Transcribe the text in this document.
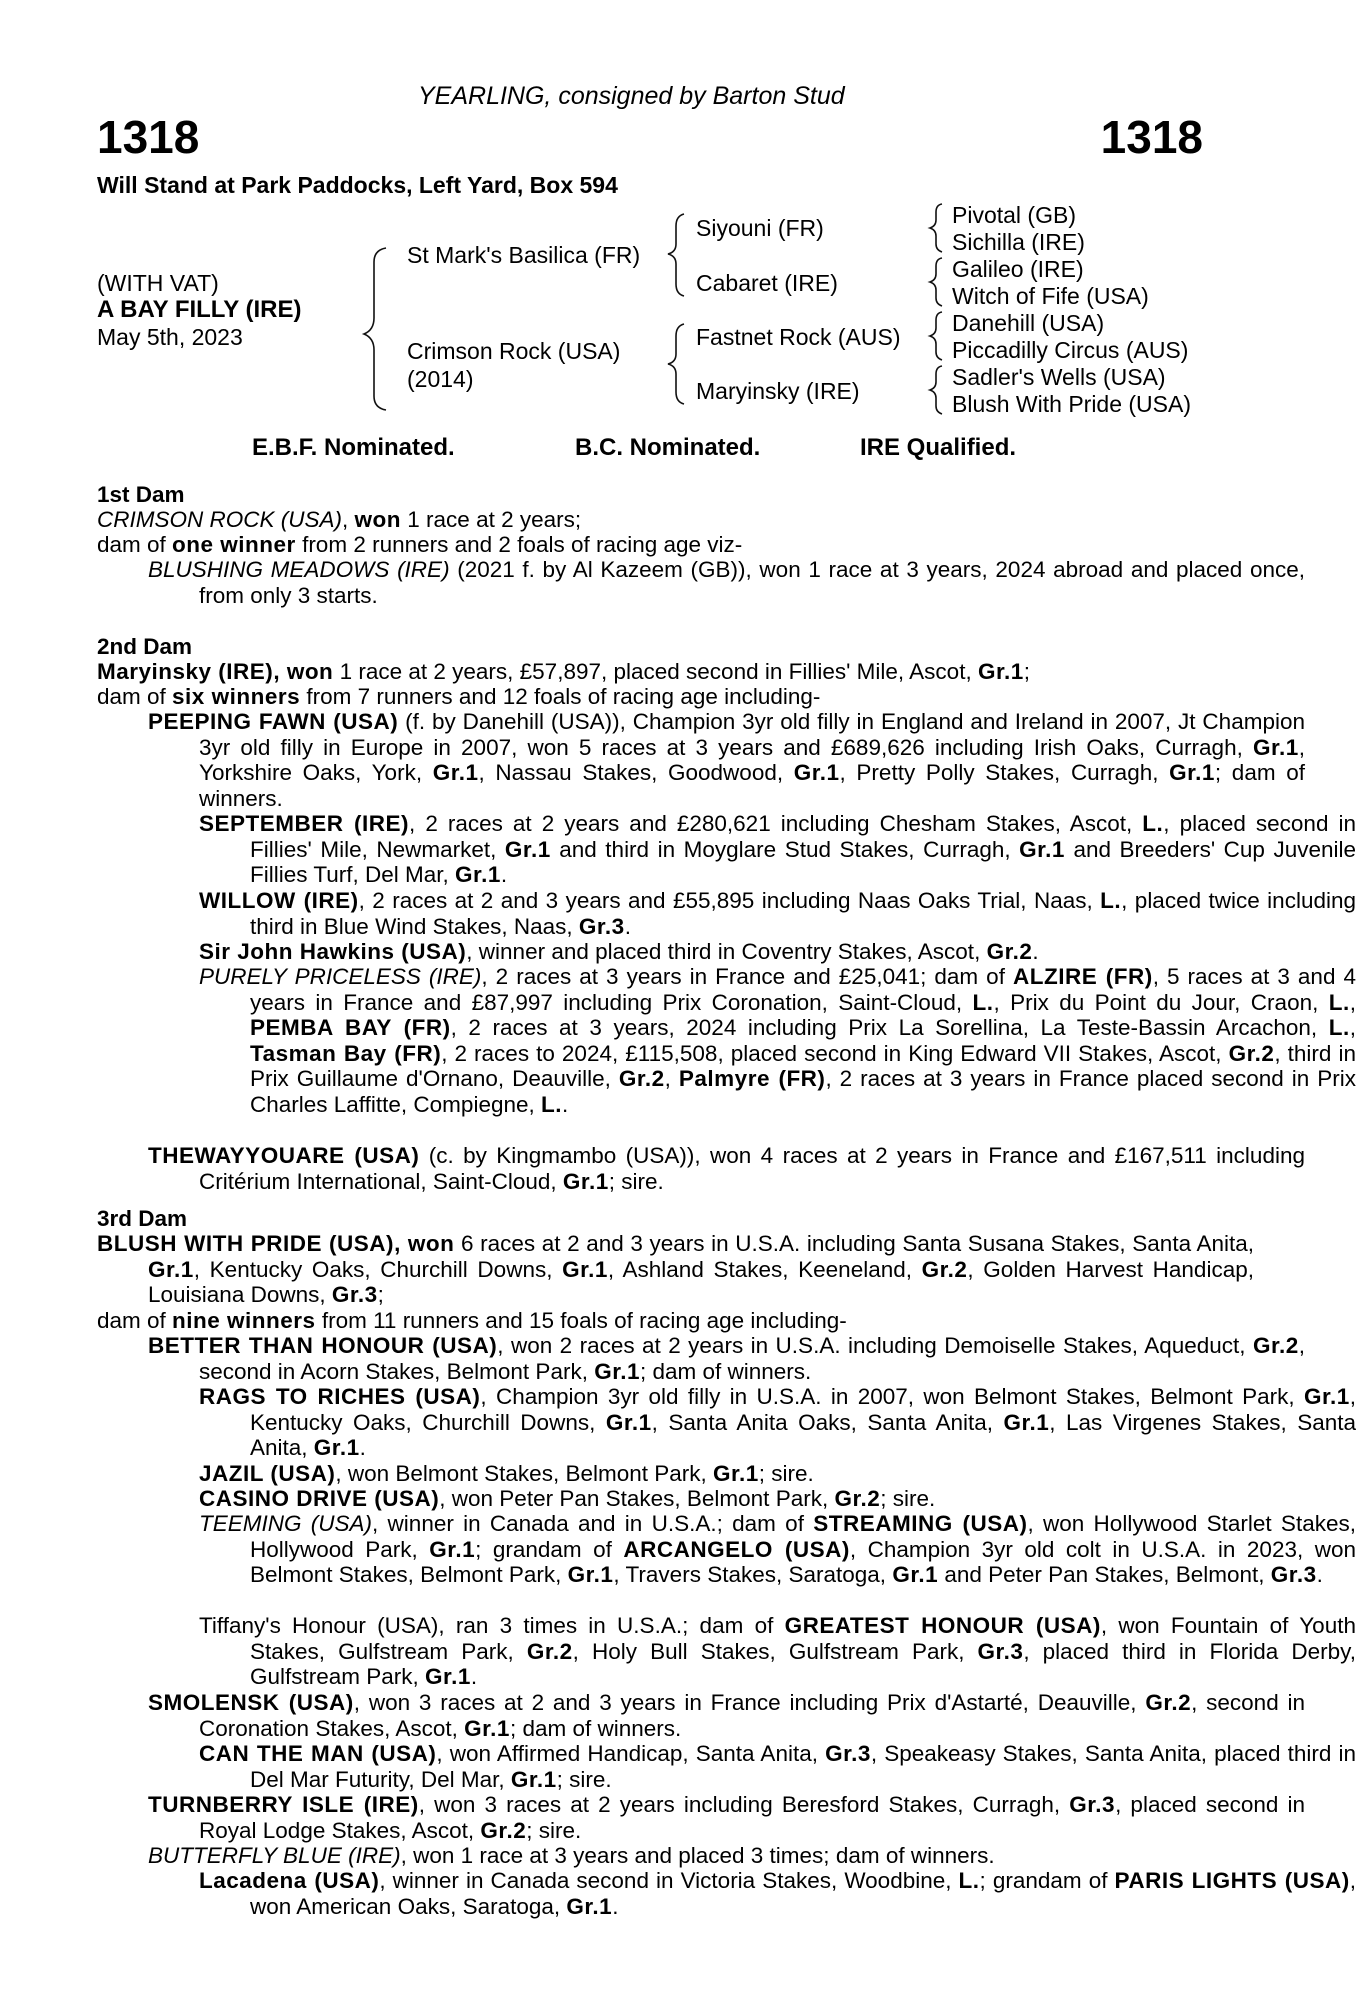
YEARLING, consigned by Barton Stud
1318	1318
Will Stand at Park Paddocks, Left Yard, Box 594
(WITH VAT)
A BAY FILLY (IRE)
May 5th, 2023
St Mark's Basilica (FR)
Crimson Rock (USA)
(2014)
Siyouni (FR)
Cabaret (IRE)
Fastnet Rock (AUS)
Maryinsky (IRE)
Pivotal (GB)
Sichilla (IRE)
Galileo (IRE)
Witch of Fife (USA)
Danehill (USA)
Piccadilly Circus (AUS)
Sadler's Wells (USA)
Blush With Pride (USA)
E.B.F. Nominated.	B.C. Nominated.	IRE Qualified.
1st Dam
CRIMSON ROCK (USA), won 1 race at 2 years;
dam of one winner from 2 runners and 2 foals of racing age viz-
BLUSHING MEADOWS (IRE) (2021 f. by Al Kazeem (GB)), won 1 race at 3 years, 2024 abroad and placed once, from only 3 starts.
2nd Dam
Maryinsky (IRE), won 1 race at 2 years, £57,897, placed second in Fillies' Mile, Ascot, Gr.1;
dam of six winners from 7 runners and 12 foals of racing age including-
PEEPING FAWN (USA) (f. by Danehill (USA)), Champion 3yr old filly in England and Ireland in 2007, Jt Champion 3yr old filly in Europe in 2007, won 5 races at 3 years and £689,626 including Irish Oaks, Curragh, Gr.1, Yorkshire Oaks, York, Gr.1, Nassau Stakes, Goodwood, Gr.1, Pretty Polly Stakes, Curragh, Gr.1; dam of winners.
SEPTEMBER (IRE), 2 races at 2 years and £280,621 including Chesham Stakes, Ascot, L., placed second in Fillies' Mile, Newmarket, Gr.1 and third in Moyglare Stud Stakes, Curragh, Gr.1 and Breeders' Cup Juvenile Fillies Turf, Del Mar, Gr.1.
WILLOW (IRE), 2 races at 2 and 3 years and £55,895 including Naas Oaks Trial, Naas, L., placed twice including third in Blue Wind Stakes, Naas, Gr.3.
Sir John Hawkins (USA), winner and placed third in Coventry Stakes, Ascot, Gr.2.
PURELY PRICELESS (IRE), 2 races at 3 years in France and £25,041; dam of ALZIRE (FR), 5 races at 3 and 4 years in France and £87,997 including Prix Coronation, Saint-Cloud, L., Prix du Point du Jour, Craon, L., PEMBA BAY (FR), 2 races at 3 years, 2024 including Prix La Sorellina, La Teste-Bassin Arcachon, L., Tasman Bay (FR), 2 races to 2024, £115,508, placed second in King Edward VII Stakes, Ascot, Gr.2, third in Prix Guillaume d'Ornano, Deauville, Gr.2, Palmyre (FR), 2 races at 3 years in France placed second in Prix Charles Laffitte, Compiegne, L..
THEWAYYOUARE (USA) (c. by Kingmambo (USA)), won 4 races at 2 years in France and £167,511 including Critérium International, Saint-Cloud, Gr.1; sire.
3rd Dam
BLUSH WITH PRIDE (USA), won 6 races at 2 and 3 years in U.S.A. including Santa Susana Stakes, Santa Anita, Gr.1, Kentucky Oaks, Churchill Downs, Gr.1, Ashland Stakes, Keeneland, Gr.2, Golden Harvest Handicap, Louisiana Downs, Gr.3;
dam of nine winners from 11 runners and 15 foals of racing age including-
BETTER THAN HONOUR (USA), won 2 races at 2 years in U.S.A. including Demoiselle Stakes, Aqueduct, Gr.2, second in Acorn Stakes, Belmont Park, Gr.1; dam of winners.
RAGS TO RICHES (USA), Champion 3yr old filly in U.S.A. in 2007, won Belmont Stakes, Belmont Park, Gr.1, Kentucky Oaks, Churchill Downs, Gr.1, Santa Anita Oaks, Santa Anita, Gr.1, Las Virgenes Stakes, Santa Anita, Gr.1.
JAZIL (USA), won Belmont Stakes, Belmont Park, Gr.1; sire.
CASINO DRIVE (USA), won Peter Pan Stakes, Belmont Park, Gr.2; sire.
TEEMING (USA), winner in Canada and in U.S.A.; dam of STREAMING (USA), won Hollywood Starlet Stakes, Hollywood Park, Gr.1; grandam of ARCANGELO (USA), Champion 3yr old colt in U.S.A. in 2023, won Belmont Stakes, Belmont Park, Gr.1, Travers Stakes, Saratoga, Gr.1 and Peter Pan Stakes, Belmont, Gr.3.
Tiffany's Honour (USA), ran 3 times in U.S.A.; dam of GREATEST HONOUR (USA), won Fountain of Youth Stakes, Gulfstream Park, Gr.2, Holy Bull Stakes, Gulfstream Park, Gr.3, placed third in Florida Derby, Gulfstream Park, Gr.1.
SMOLENSK (USA), won 3 races at 2 and 3 years in France including Prix d'Astarté, Deauville, Gr.2, second in Coronation Stakes, Ascot, Gr.1; dam of winners.
CAN THE MAN (USA), won Affirmed Handicap, Santa Anita, Gr.3, Speakeasy Stakes, Santa Anita, placed third in Del Mar Futurity, Del Mar, Gr.1; sire.
TURNBERRY ISLE (IRE), won 3 races at 2 years including Beresford Stakes, Curragh, Gr.3, placed second in Royal Lodge Stakes, Ascot, Gr.2; sire.
BUTTERFLY BLUE (IRE), won 1 race at 3 years and placed 3 times; dam of winners.
Lacadena (USA), winner in Canada second in Victoria Stakes, Woodbine, L.; grandam of PARIS LIGHTS (USA), won American Oaks, Saratoga, Gr.1.
